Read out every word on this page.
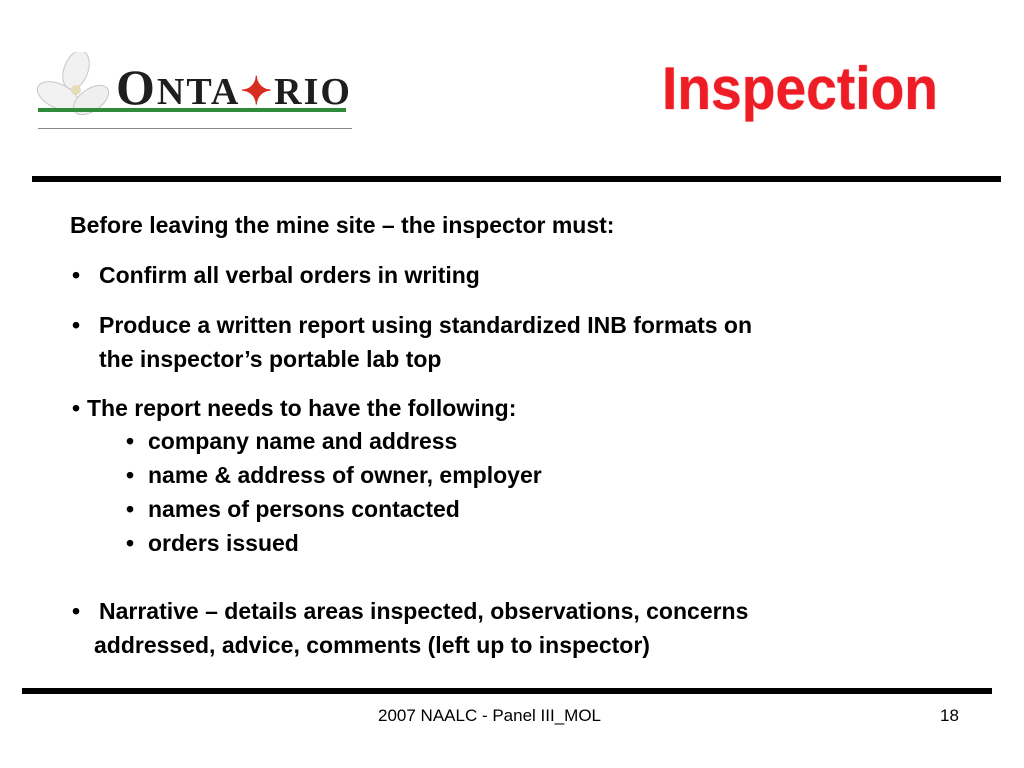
ONTA✦RIO	Inspection
Before leaving the mine site – the inspector must:
• Confirm all verbal orders in writing
• Produce a written report using standardized INB formats on
the inspector’s portable lab top
• The report needs to have the following:
• company name and address
• name & address of owner, employer
• names of persons contacted
• orders issued
• Narrative – details areas inspected, observations, concerns
addressed, advice, comments (left up to inspector)
2007 NAALC - Panel III_MOL	18
